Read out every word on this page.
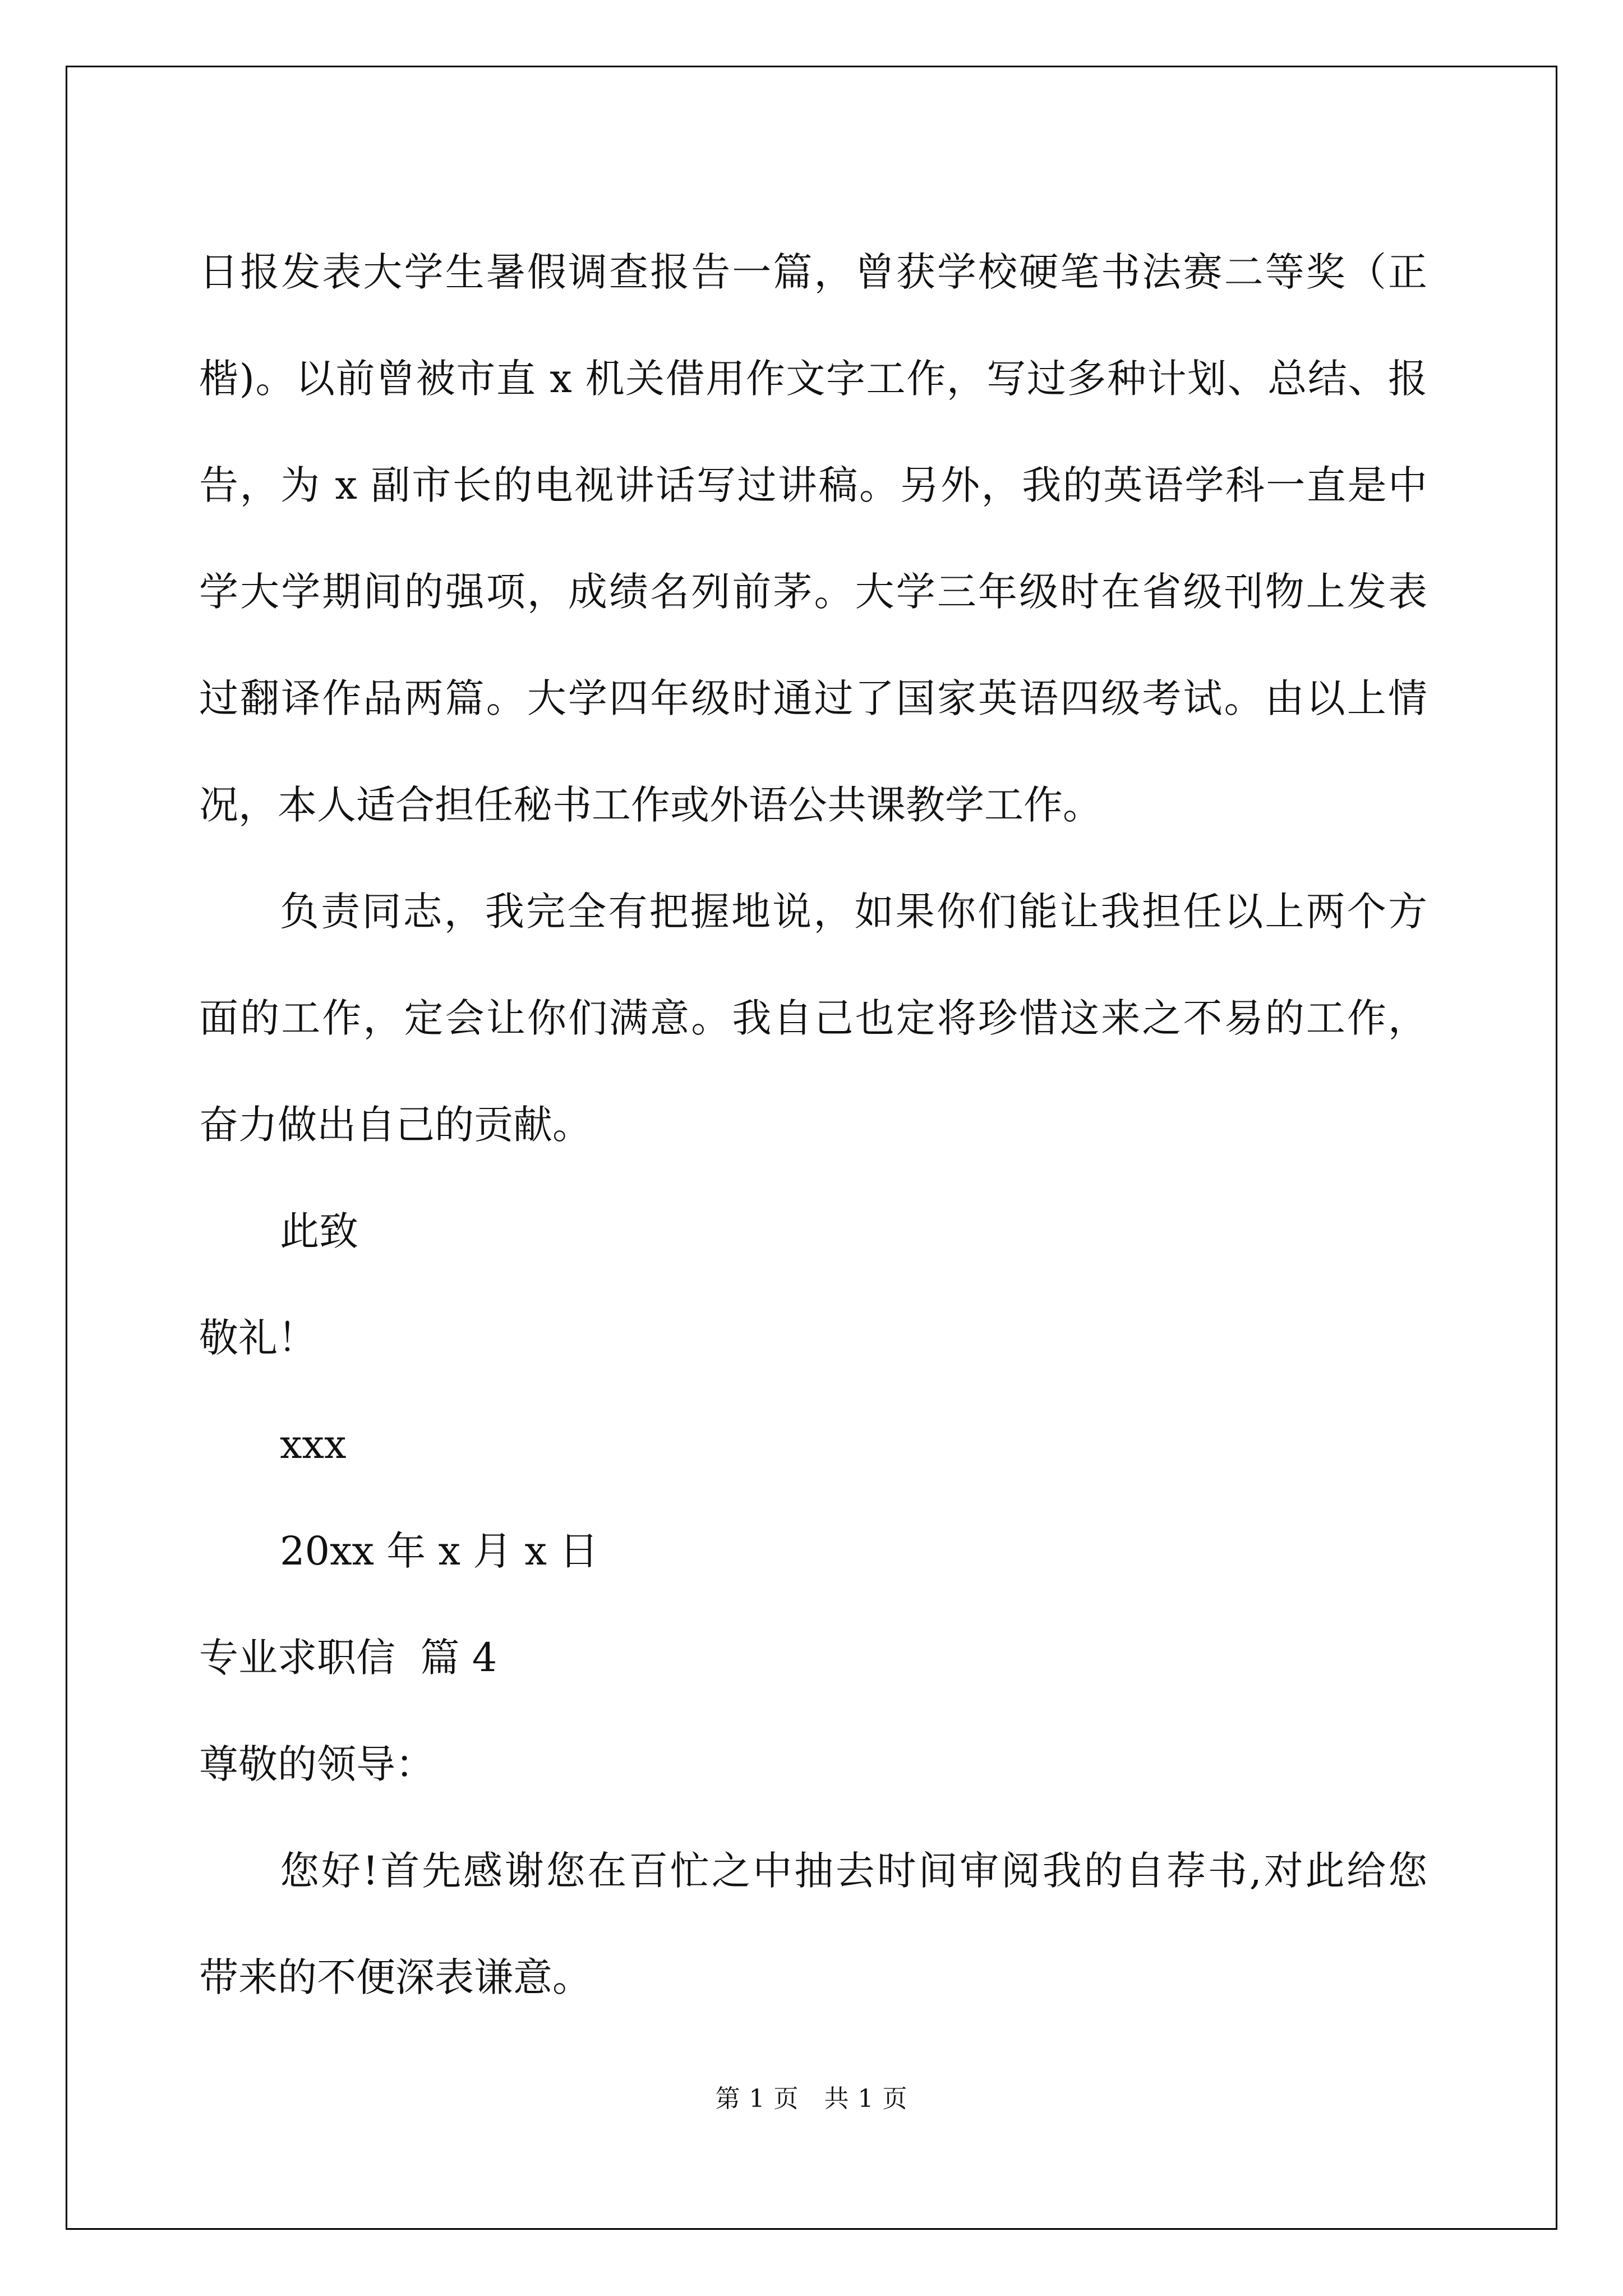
日报发表大学生暑假调查报告一篇，曾获学校硬笔书法赛二等奖（正
楷)。以前曾被市直 x 机关借用作文字工作，写过多种计划、总结、报
告，为 x 副市长的电视讲话写过讲稿。另外，我的英语学科一直是中
学大学期间的强项，成绩名列前茅。大学三年级时在省级刊物上发表
过翻译作品两篇。大学四年级时通过了国家英语四级考试。由以上情
况，本人适合担任秘书工作或外语公共课教学工作。
负责同志，我完全有把握地说，如果你们能让我担任以上两个方
面的工作，定会让你们满意。我自己也定将珍惜这来之不易的工作，
奋力做出自己的贡献。
此致
敬礼！
xxx
20xx 年 x 月 x 日
专业求职信  篇 4
尊敬的领导：
您好!首先感谢您在百忙之中抽去时间审阅我的自荐书,对此给您
带来的不便深表谦意。
第 1 页　共 1 页
